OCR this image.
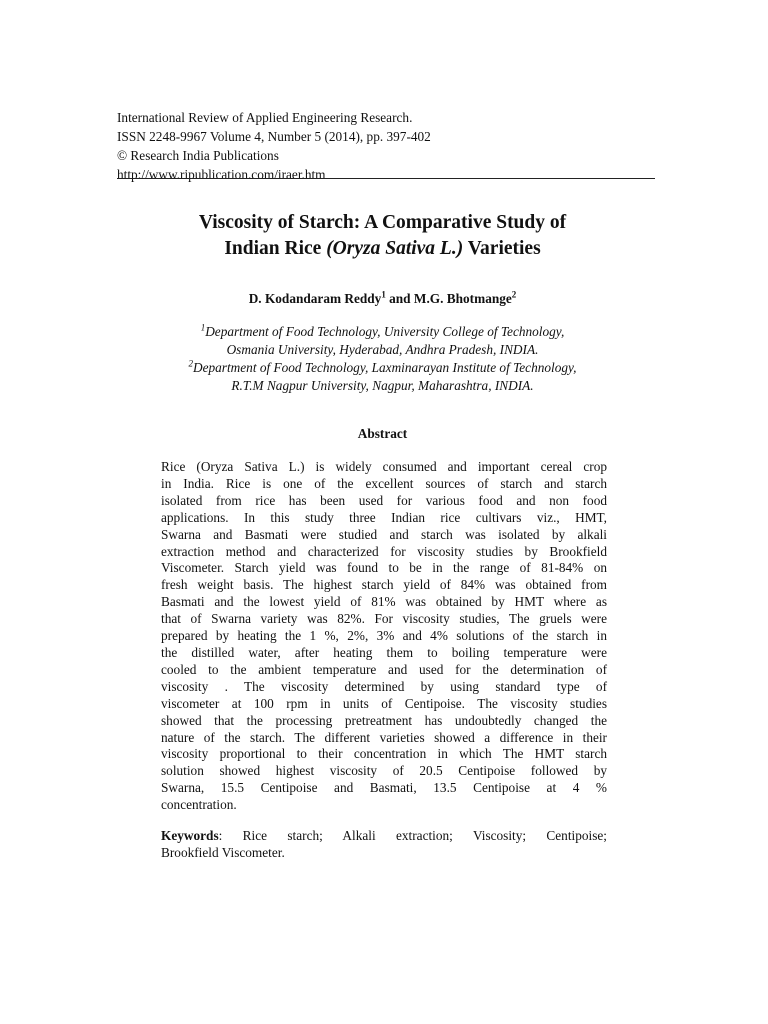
International Review of Applied Engineering Research.
ISSN 2248-9967 Volume 4, Number 5 (2014), pp. 397-402
© Research India Publications
http://www.ripublication.com/iraer.htm
Viscosity of Starch: A Comparative Study of
Indian Rice (Oryza Sativa L.) Varieties
D. Kodandaram Reddy$^1$ and M.G. Bhotmange$^2$
$^1$Department of Food Technology, University College of Technology,
Osmania University, Hyderabad, Andhra Pradesh, INDIA.
$^2$Department of Food Technology, Laxminarayan Institute of Technology,
R.T.M Nagpur University, Nagpur, Maharashtra, INDIA.
Abstract
Rice (Oryza Sativa L.) is widely consumed and important cereal crop
in India. Rice is one of the excellent sources of starch and starch
isolated from rice has been used for various food and non food
applications. In this study three Indian rice cultivars viz., HMT,
Swarna and Basmati were studied and starch was isolated by alkali
extraction method and characterized for viscosity studies by Brookfield
Viscometer. Starch yield was found to be in the range of 81-84% on
fresh weight basis. The highest starch yield of 84% was obtained from
Basmati and the lowest yield of 81% was obtained by HMT where as
that of Swarna variety was 82%. For viscosity studies, The gruels were
prepared by heating the 1 %, 2%, 3% and 4% solutions of the starch in
the distilled water, after heating them to boiling temperature were
cooled to the ambient temperature and used for the determination of
viscosity . The viscosity determined by using standard type of
viscometer at 100 rpm in units of Centipoise. The viscosity studies
showed that the processing pretreatment has undoubtedly changed the
nature of the starch. The different varieties showed a difference in their
viscosity proportional to their concentration in which The HMT starch
solution showed highest viscosity of 20.5 Centipoise followed by
Swarna, 15.5 Centipoise and Basmati, 13.5 Centipoise at 4 %
concentration.
Keywords: Rice starch; Alkali extraction; Viscosity; Centipoise;
Brookfield Viscometer.
